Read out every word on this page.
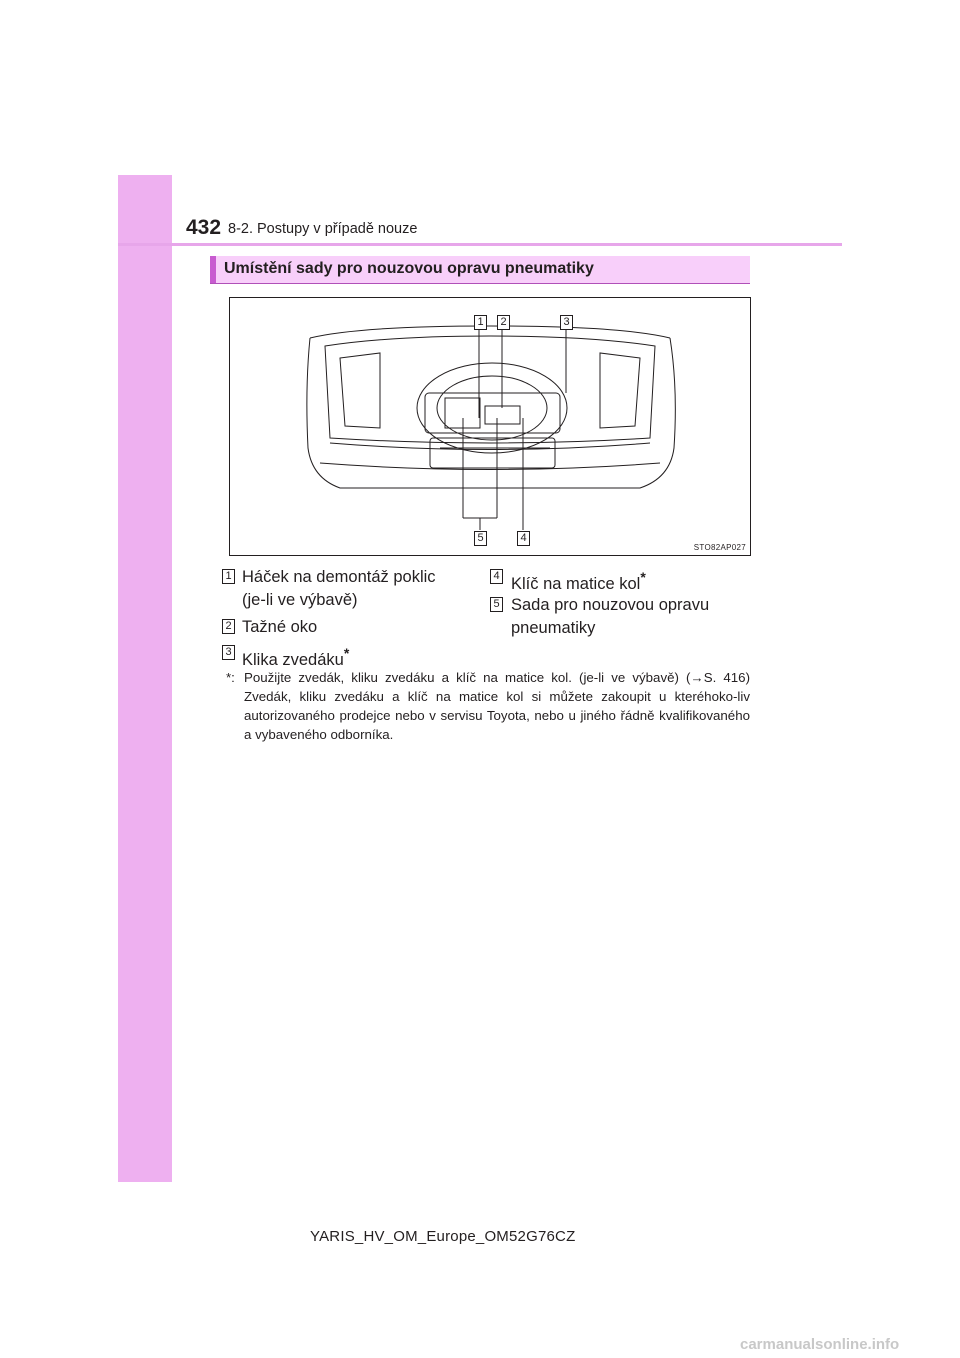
432 8-2. Postupy v případě nouze
Umístění sady pro nouzovou opravu pneumatiky
1	2	3
4
5
STO82AP027
1 Háček na demontáž poklic
(je-li ve výbavě)
2 Tažné oko
3 Klika zvedáku*
4 Klíč na matice kol*
5 Sada pro nouzovou opravu
pneumatiky
*: Použijte zvedák, kliku zvedáku a klíč na matice kol. (je-li ve výbavě) (→S. 416) Zvedák, kliku zvedáku a klíč na matice kol si můžete zakoupit u kteréhoko-liv autorizovaného prodejce nebo v servisu Toyota, nebo u jiného řádně kvalifikovaného a vybaveného odborníka.
YARIS_HV_OM_Europe_OM52G76CZ
carmanualsonline.info
